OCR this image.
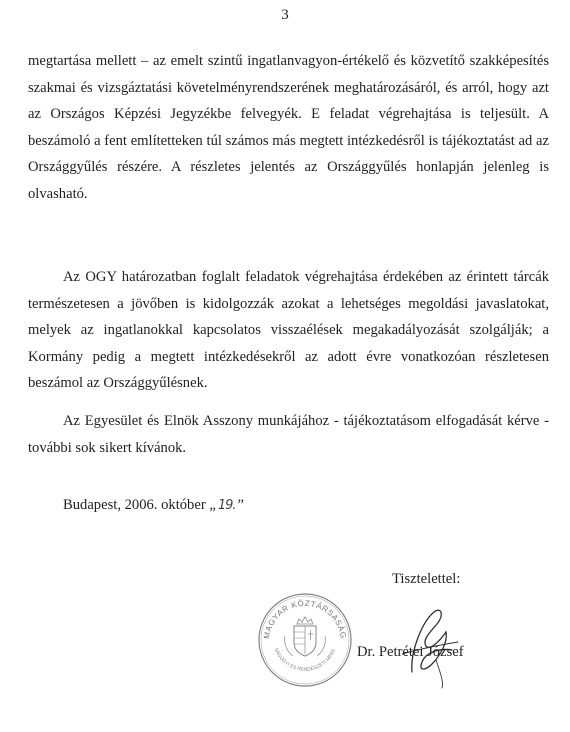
3

megtartása mellett – az emelt szintű ingatlanvagyon-értékelő és közvetítő szakképesítés szakmai és vizsgáztatási követelményrendszerének meghatározásáról, és arról, hogy azt az Országos Képzési Jegyzékbe felvegyék. E feladat végrehajtása is teljesült. A beszámoló a fent említetteken túl számos más megtett intézkedésről is tájékoztatást ad az Országgyűlés részére. A részletes jelentés az Országgyűlés honlapján jelenleg is olvasható.

Az OGY határozatban foglalt feladatok végrehajtása érdekében az érintett tárcák természetesen a jövőben is kidolgozzák azokat a lehetséges megoldási javaslatokat, melyek az ingatlanokkal kapcsolatos visszaélések megakadályozását szolgálják; a Kormány pedig a megtett intézkedésekről az adott évre vonatkozóan részletesen beszámol az Országgyűlésnek.

Az Egyesület és Elnök Asszony munkájához - tájékoztatásom elfogadását kérve - további sok sikert kívánok.

Budapest, 2006. október „ 19. ”
Tisztelettel:
MAGYAR KÖZTÁRSASÁG
SÁGÜGYI ÉS RENDÉSZETI MINIS Dr. Petrétei József
